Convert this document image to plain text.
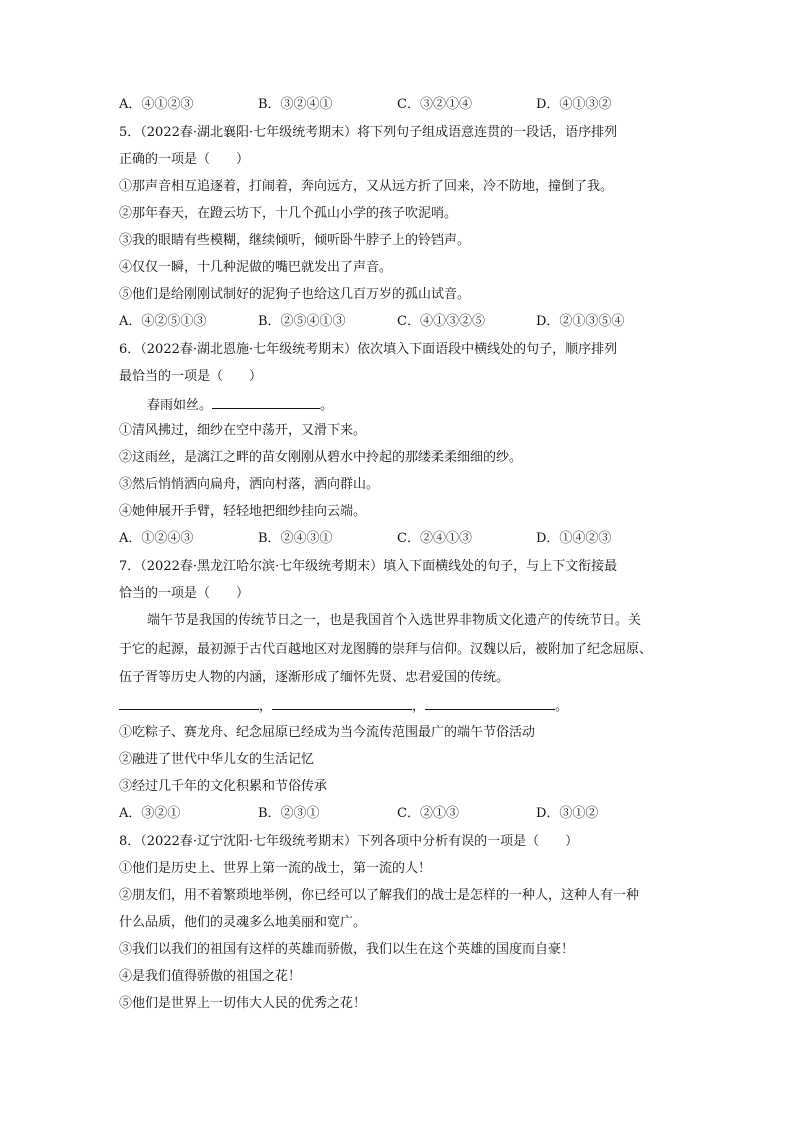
A．④①②③	B．③②④①	C．③②①④	D．④①③②
5．（2022春·湖北襄阳·七年级统考期末）将下列句子组成语意连贯的一段话，语序排列
正确的一项是（　　）
①那声音相互追逐着，打闹着，奔向远方，又从远方折了回来，冷不防地，撞倒了我。
②那年春天，在蹬云坊下，十几个孤山小学的孩子吹泥哨。
③我的眼睛有些模糊，继续倾听，倾听卧牛脖子上的铃铛声。
④仅仅一瞬，十几种泥做的嘴巴就发出了声音。
⑤他们是给刚刚试制好的泥狗子也给这几百万岁的孤山试音。
A．④②⑤①③	B．②⑤④①③	C．④①③②⑤	D．②①③⑤④
6．（2022春·湖北恩施·七年级统考期末）依次填入下面语段中横线处的句子，顺序排列
最恰当的一项是（　　）
春雨如丝。	。
①清风拂过，细纱在空中荡开，又滑下来。
②这雨丝，是漓江之畔的苗女刚刚从碧水中拎起的那缕柔柔细细的纱。
③然后悄悄洒向扁舟，洒向村落，洒向群山。
④她伸展开手臂，轻轻地把细纱挂向云端。
A．①②④③	B．②④③①	C．②④①③	D．①④②③
7．（2022春·黑龙江哈尔滨·七年级统考期末）填入下面横线处的句子，与上下文衔接最
恰当的一项是（　　）
端午节是我国的传统节日之一，也是我国首个入选世界非物质文化遗产的传统节日。关
于它的起源，最初源于古代百越地区对龙图腾的崇拜与信仰。汉魏以后，被附加了纪念屈原、
伍子胥等历史人物的内涵，逐渐形成了缅怀先贤、忠君爱国的传统。
，	，	。
①吃粽子、赛龙舟、纪念屈原已经成为当今流传范围最广的端午节俗活动
②融进了世代中华儿女的生活记忆
③经过几千年的文化积累和节俗传承
A．③②①	B．②③①	C．②①③	D．③①②
8．（2022春·辽宁沈阳·七年级统考期末）下列各项中分析有误的一项是（　　）
①他们是历史上、世界上第一流的战士，第一流的人！
②朋友们，用不着繁琐地举例，你已经可以了解我们的战士是怎样的一种人，这种人有一种
什么品质，他们的灵魂多么地美丽和宽广。
③我们以我们的祖国有这样的英雄而骄傲，我们以生在这个英雄的国度而自豪！
④是我们值得骄傲的祖国之花！
⑤他们是世界上一切伟大人民的优秀之花！
